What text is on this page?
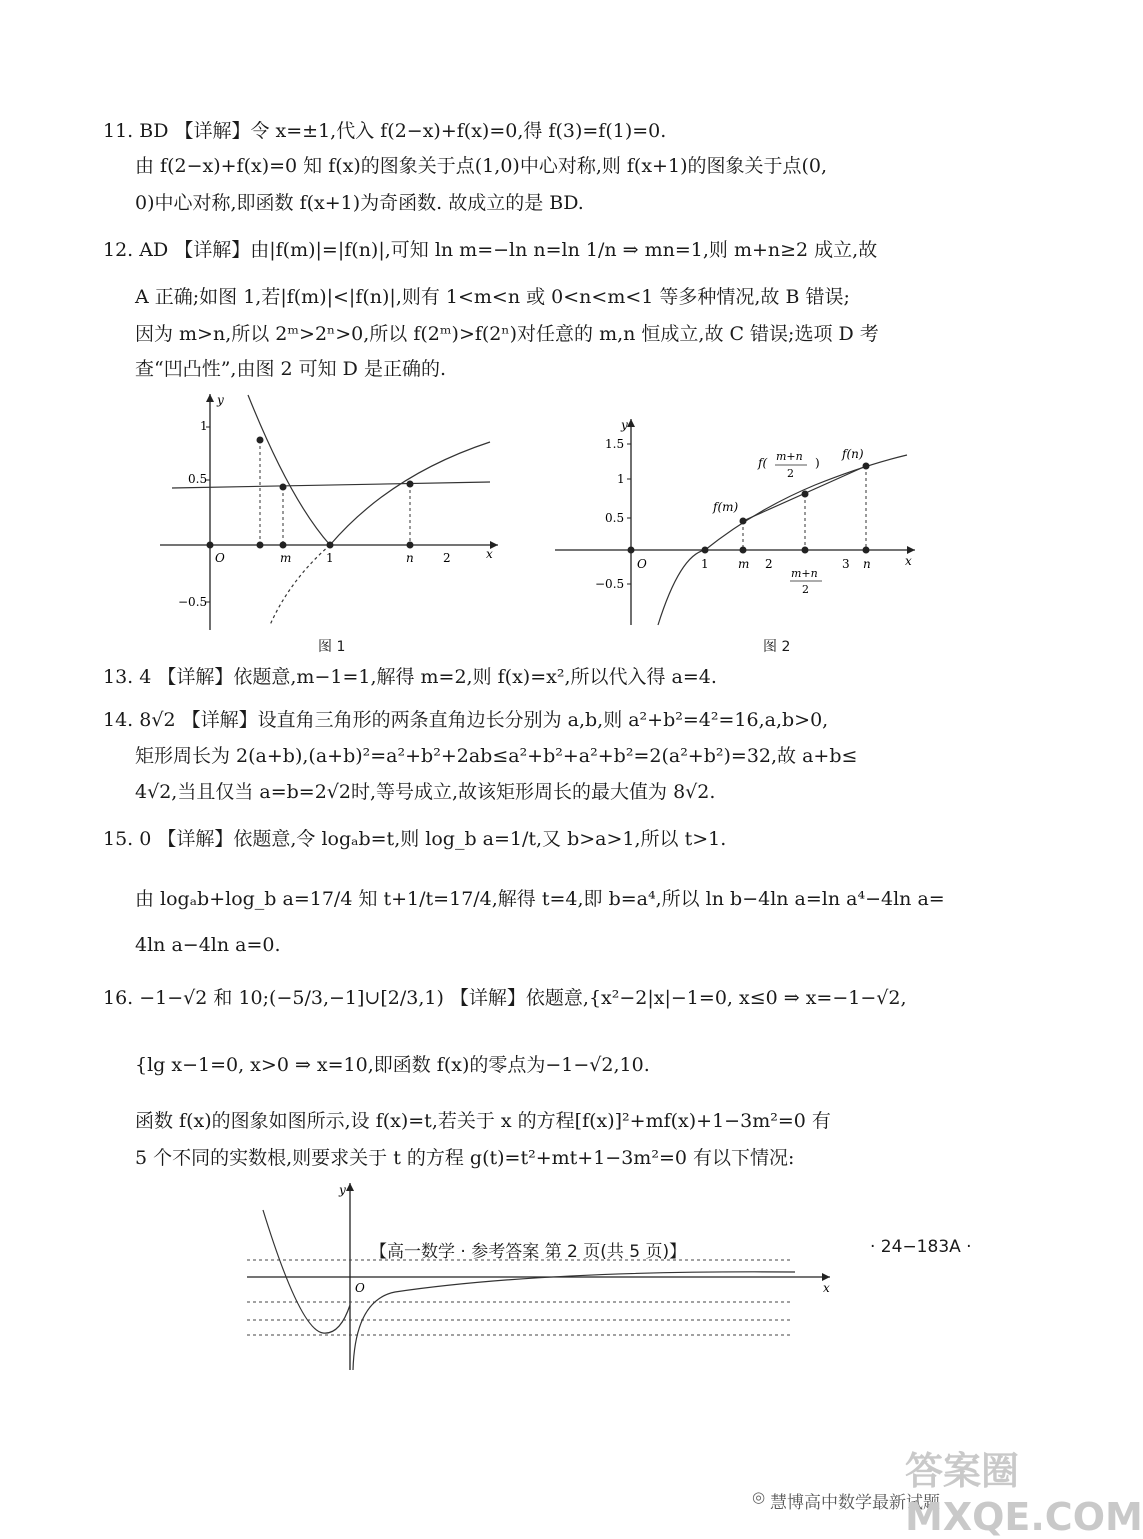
11. BD 【详解】令 x=±1,代入 f(2−x)+f(x)=0,得 f(3)=f(1)=0.
由 f(2−x)+f(x)=0 知 f(x)的图象关于点(1,0)中心对称,则 f(x+1)的图象关于点(0,
0)中心对称,即函数 f(x+1)为奇函数. 故成立的是 BD.
12. AD 【详解】由|f(m)|=|f(n)|,可知 ln m=−ln n=ln 1/n ⇒ mn=1,则 m+n≥2 成立,故
A 正确;如图 1,若|f(m)|<|f(n)|,则有 1<m<n 或 0<n<m<1 等多种情况,故 B 错误;
因为 m>n,所以 2ᵐ>2ⁿ>0,所以 f(2ᵐ)>f(2ⁿ)对任意的 m,n 恒成立,故 C 错误;选项 D 考
查“凹凸性”,由图 2 可知 D 是正确的.
y
x
O
1
0.5
−0.5
m	1	n 2
图 1
y
x
O
1.5
1
0.5
−0.5
f(m)
f(n)
f( m+n
2
)
1 m 2	3 n
m+n
2
图 2
13. 4 【详解】依题意,m−1=1,解得 m=2,则 f(x)=x²,所以代入得 a=4.
14. 8√2 【详解】设直角三角形的两条直角边长分别为 a,b,则 a²+b²=4²=16,a,b>0,
矩形周长为 2(a+b),(a+b)²=a²+b²+2ab≤a²+b²+a²+b²=2(a²+b²)=32,故 a+b≤
4√2,当且仅当 a=b=2√2时,等号成立,故该矩形周长的最大值为 8√2.
15. 0 【详解】依题意,令 logₐb=t,则 log_b a=1/t,又 b>a>1,所以 t>1.
由 logₐb+log_b a=17/4 知 t+1/t=17/4,解得 t=4,即 b=a⁴,所以 ln b−4ln a=ln a⁴−4ln a=
4ln a−4ln a=0.
16. −1−√2 和 10;(−5/3,−1]∪[2/3,1) 【详解】依题意,{x²−2|x|−1=0, x≤0 ⇒ x=−1−√2,
{lg x−1=0, x>0 ⇒ x=10,即函数 f(x)的零点为−1−√2,10.
函数 f(x)的图象如图所示,设 f(x)=t,若关于 x 的方程[f(x)]²+mf(x)+1−3m²=0 有
5 个不同的实数根,则要求关于 t 的方程 g(t)=t²+mt+1−3m²=0 有以下情况:
y
x
O
【高一数学 · 参考答案 第 2 页(共 5 页)】	· 24−183A ·
◎ 慧博高中数学最新试题
答案圈 MXQE.COM
